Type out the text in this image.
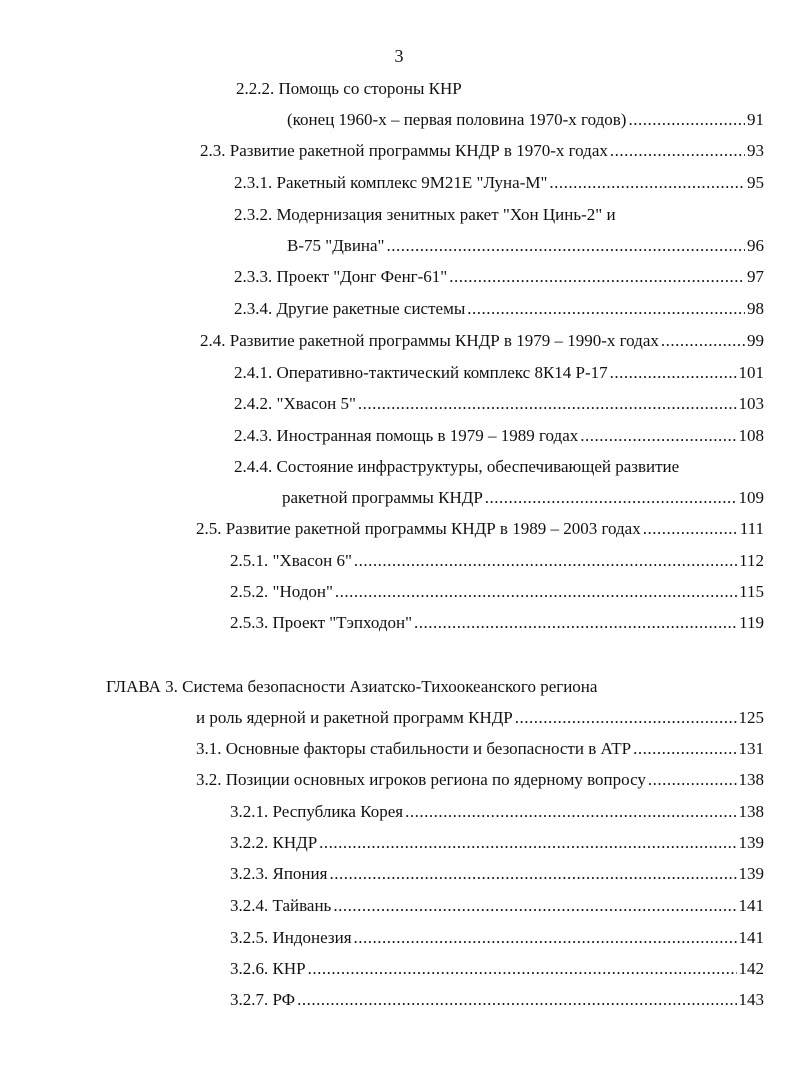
3
2.2.2. Помощь со стороны КНР
(конец 1960-х – первая половина 1970-х годов) .....	91
2.3. Развитие ракетной программы КНДР в 1970-х годах .....	93
2.3.1. Ракетный комплекс 9М21Е "Луна-М" .....	95
2.3.2. Модернизация зенитных ракет "Хон Цинь-2" и
В-75 "Двина" .....	96
2.3.3. Проект "Донг Фенг-61" .....	97
2.3.4. Другие ракетные системы .....	98
2.4. Развитие ракетной программы КНДР в 1979 – 1990-х годах .....	99
2.4.1. Оперативно-тактический комплекс 8К14 Р-17 .....	101
2.4.2. "Хвасон 5" .....	103
2.4.3. Иностранная помощь в 1979 – 1989 годах .....	108
2.4.4. Состояние инфраструктуры, обеспечивающей развитие
ракетной программы КНДР .....	109
2.5. Развитие ракетной программы КНДР в 1989 – 2003 годах .....	111
2.5.1. "Хвасон 6" .....	112
2.5.2. "Нодон" .....	115
2.5.3. Проект "Тэпходон" .....	119
ГЛАВА 3. Система безопасности Азиатско-Тихоокеанского региона
и роль ядерной и ракетной программ КНДР .....	125
3.1. Основные факторы стабильности и безопасности в АТР .....	131
3.2. Позиции основных игроков региона по ядерному вопросу .....	138
3.2.1. Республика Корея .....	138
3.2.2. КНДР .....	139
3.2.3. Япония .....	139
3.2.4. Тайвань .....	141
3.2.5. Индонезия .....	141
3.2.6. КНР .....	142
3.2.7. РФ .....	143
